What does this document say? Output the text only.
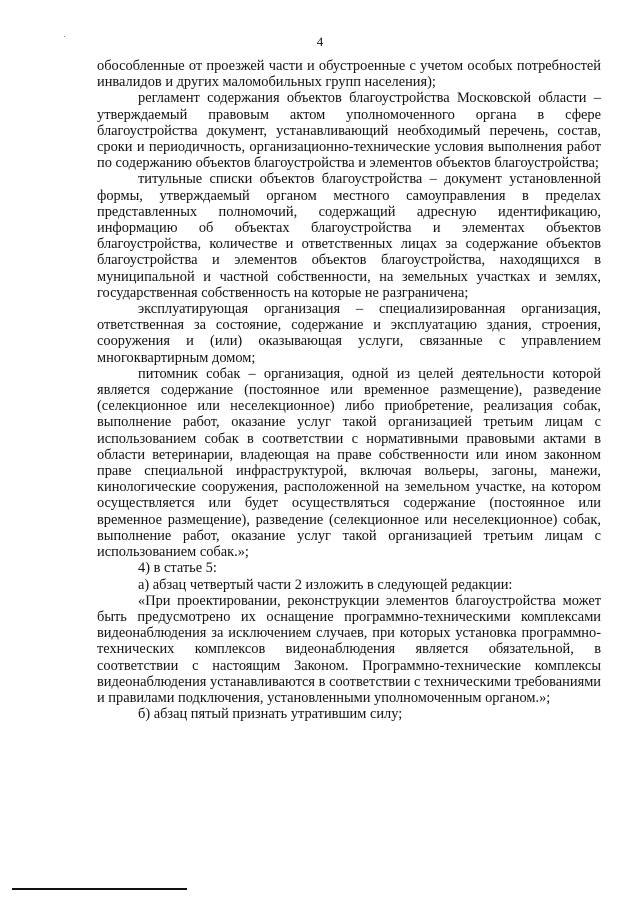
4

обособленные от проезжей части и обустроенные с учетом особых потребностей инвалидов и других маломобильных групп населения);

регламент содержания объектов благоустройства Московской области – утверждаемый правовым актом уполномоченного органа в сфере благоустройства документ, устанавливающий необходимый перечень, состав, сроки и периодичность, организационно-технические условия выполнения работ по содержанию объектов благоустройства и элементов объектов благоустройства;

титульные списки объектов благоустройства – документ установленной формы, утверждаемый органом местного самоуправления в пределах представленных полномочий, содержащий адресную идентификацию, информацию об объектах благоустройства и элементах объектов благоустройства, количестве и ответственных лицах за содержание объектов благоустройства и элементов объектов благоустройства, находящихся в муниципальной и частной собственности, на земельных участках и землях, государственная собственность на которые не разграничена;

эксплуатирующая организация – специализированная организация, ответственная за состояние, содержание и эксплуатацию здания, строения, сооружения и (или) оказывающая услуги, связанные с управлением многоквартирным домом;

питомник собак – организация, одной из целей деятельности которой является содержание (постоянное или временное размещение), разведение (селекционное или неселекционное) либо приобретение, реализация собак, выполнение работ, оказание услуг такой организацией третьим лицам с использованием собак в соответствии с нормативными правовыми актами в области ветеринарии, владеющая на праве собственности или ином законном праве специальной инфраструктурой, включая вольеры, загоны, манежи, кинологические сооружения, расположенной на земельном участке, на котором осуществляется или будет осуществляться содержание (постоянное или временное размещение), разведение (селекционное или неселекционное) собак, выполнение работ, оказание услуг такой организацией третьим лицам с использованием собак.»;

4) в статье 5:

а) абзац четвертый части 2 изложить в следующей редакции:

«При проектировании, реконструкции элементов благоустройства может быть предусмотрено их оснащение программно-техническими комплексами видеонаблюдения за исключением случаев, при которых установка программно-технических комплексов видеонаблюдения является обязательной, в соответствии с настоящим Законом. Программно-технические комплексы видеонаблюдения устанавливаются в соответствии с техническими требованиями и правилами подключения, установленными уполномоченным органом.»;

б) абзац пятый признать утратившим силу;
